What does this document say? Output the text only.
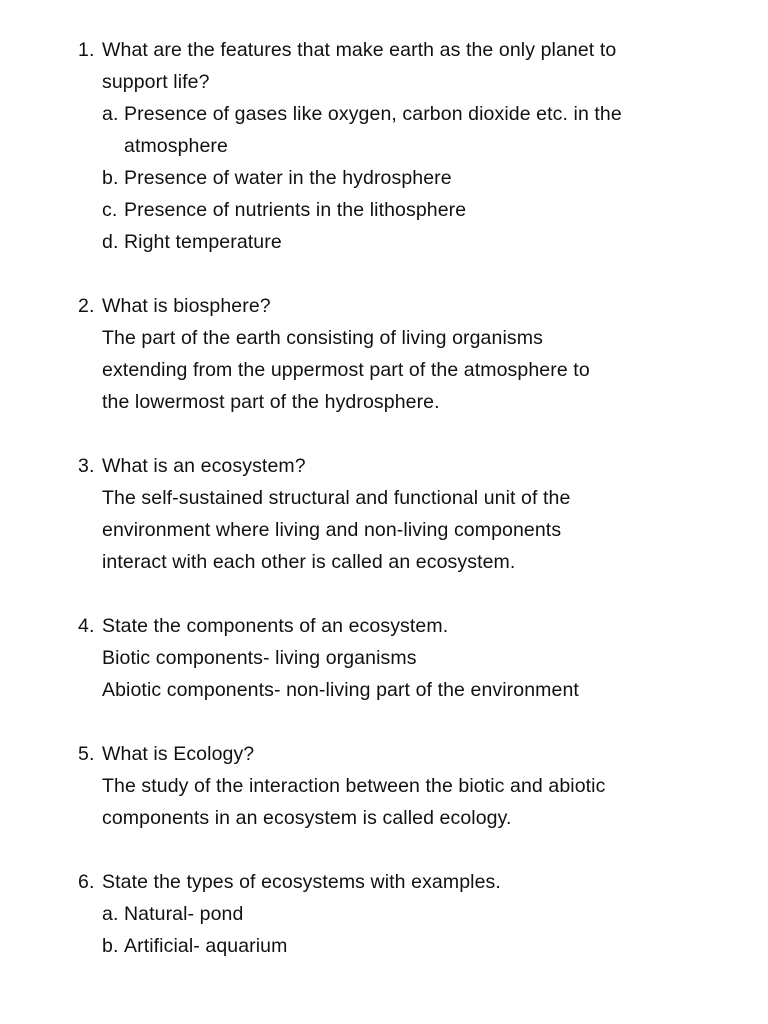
1. What are the features that make earth as the only planet to
support life?
a. Presence of gases like oxygen, carbon dioxide etc. in the
atmosphere
b. Presence of water in the hydrosphere
c. Presence of nutrients in the lithosphere
d. Right temperature
2. What is biosphere?
The part of the earth consisting of living organisms
extending from the uppermost part of the atmosphere to
the lowermost part of the hydrosphere.
3. What is an ecosystem?
The self-sustained structural and functional unit of the
environment where living and non-living components
interact with each other is called an ecosystem.
4. State the components of an ecosystem.
Biotic components- living organisms
Abiotic components- non-living part of the environment
5. What is Ecology?
The study of the interaction between the biotic and abiotic
components in an ecosystem is called ecology.
6. State the types of ecosystems with examples.
a. Natural- pond
b. Artificial- aquarium
